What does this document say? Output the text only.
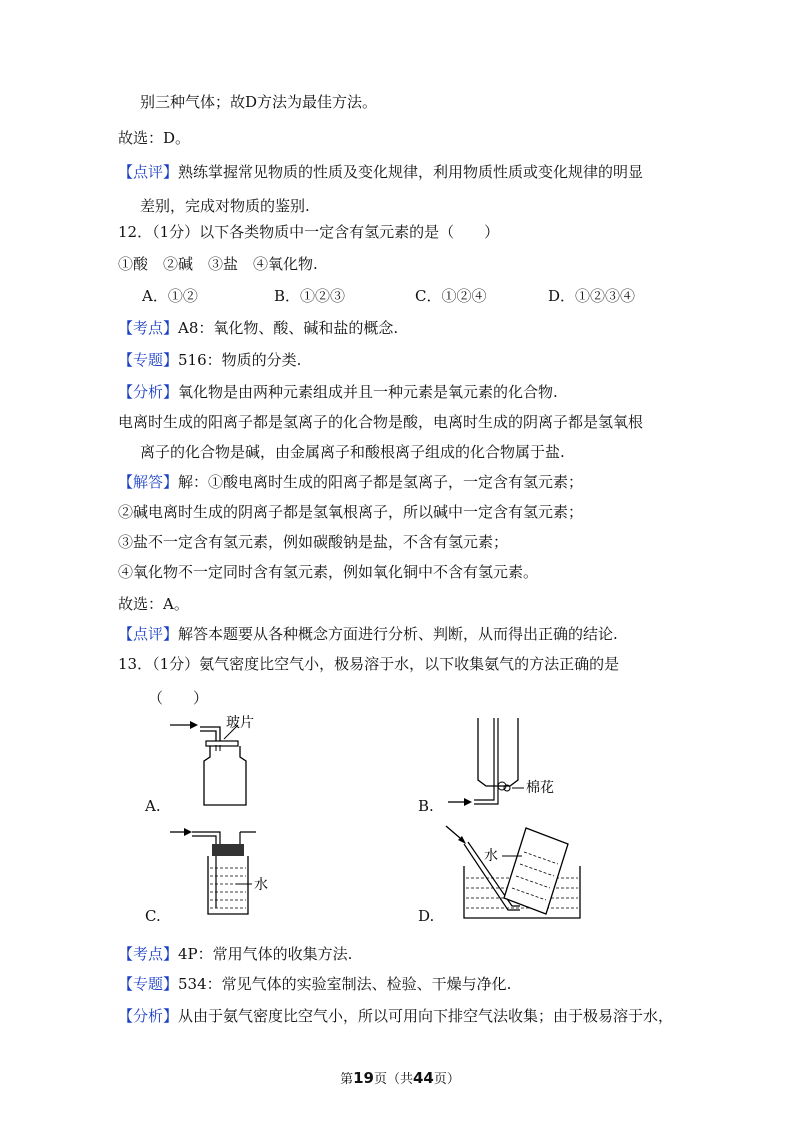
别三种气体；故D方法为最佳方法。
故选：D。
【点评】熟练掌握常见物质的性质及变化规律，利用物质性质或变化规律的明显
差别，完成对物质的鉴别.
12．（1分）以下各类物质中一定含有氢元素的是（　　）
①酸　②碱　③盐　④氧化物.
A．①②	B．①②③	C．①②④	D．①②③④
【考点】A8：氧化物、酸、碱和盐的概念.
【专题】516：物质的分类.
【分析】氧化物是由两种元素组成并且一种元素是氧元素的化合物.
电离时生成的阳离子都是氢离子的化合物是酸，电离时生成的阴离子都是氢氧根
离子的化合物是碱，由金属离子和酸根离子组成的化合物属于盐.
【解答】解：①酸电离时生成的阳离子都是氢离子，一定含有氢元素；
②碱电离时生成的阴离子都是氢氧根离子，所以碱中一定含有氢元素；
③盐不一定含有氢元素，例如碳酸钠是盐，不含有氢元素；
④氧化物不一定同时含有氢元素，例如氧化铜中不含有氢元素。
故选：A。
【点评】解答本题要从各种概念方面进行分析、判断，从而得出正确的结论.
13．（1分）氨气密度比空气小，极易溶于水，以下收集氨气的方法正确的是
（　　）
玻片
A.
棉花
B.
水
C.
水
D.
【考点】4P：常用气体的收集方法.
【专题】534：常见气体的实验室制法、检验、干燥与净化.
【分析】从由于氨气密度比空气小，所以可用向下排空气法收集；由于极易溶于水，
第19页（共44页）
